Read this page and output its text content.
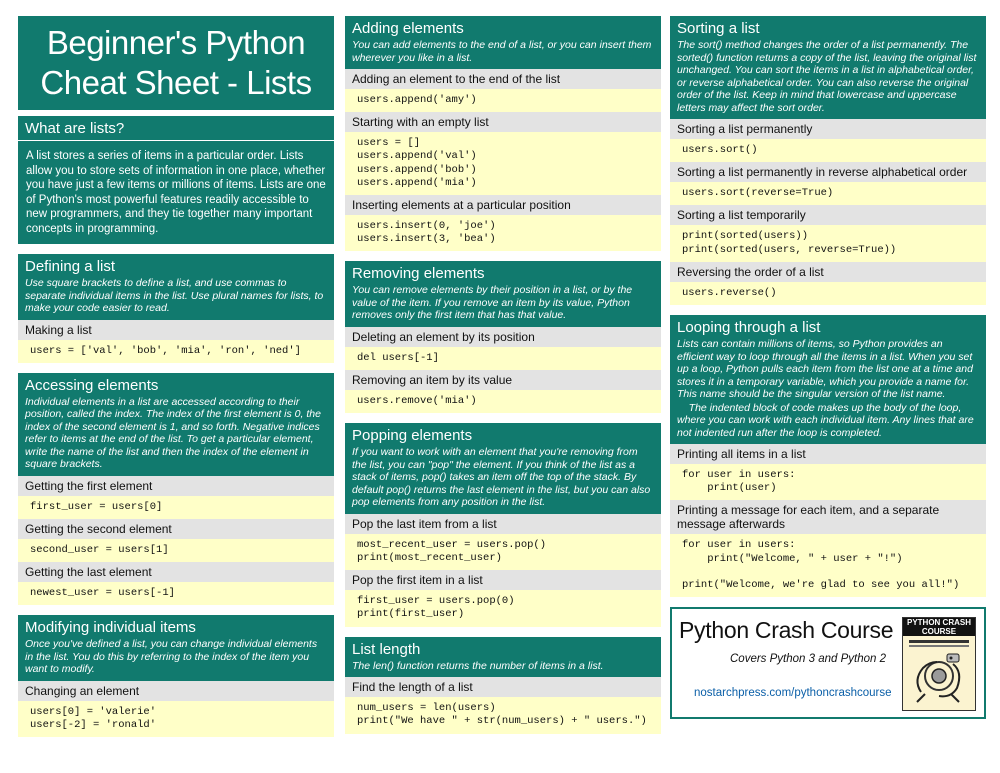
Beginner's Python
Cheat Sheet - Lists
What are lists?
A list stores a series of items in a particular order. Lists allow you to store sets of information in one place, whether you have just a few items or millions of items. Lists are one of Python's most powerful features readily accessible to new programmers, and they tie together many important concepts in programming.
Defining a list
Use square brackets to define a list, and use commas to separate individual items in the list. Use plural names for lists, to make your code easier to read.
Making a list
users = ['val', 'bob', 'mia', 'ron', 'ned']
Accessing elements
Individual elements in a list are accessed according to their position, called the index. The index of the first element is 0, the index of the second element is 1, and so forth. Negative indices refer to items at the end of the list. To get a particular element, write the name of the list and then the index of the element in square brackets.
Getting the first element
first_user = users[0]
Getting the second element
second_user = users[1]
Getting the last element
newest_user = users[-1]
Modifying individual items
Once you've defined a list, you can change individual elements in the list. You do this by referring to the index of the item you want to modify.
Changing an element
users[0] = 'valerie'
users[-2] = 'ronald'
Adding elements
You can add elements to the end of a list, or you can insert them wherever you like in a list.
Adding an element to the end of the list
users.append('amy')
Starting with an empty list
users = []
users.append('val')
users.append('bob')
users.append('mia')
Inserting elements at a particular position
users.insert(0, 'joe')
users.insert(3, 'bea')
Removing elements
You can remove elements by their position in a list, or by the value of the item. If you remove an item by its value, Python removes only the first item that has that value.
Deleting an element by its position
del users[-1]
Removing an item by its value
users.remove('mia')
Popping elements
If you want to work with an element that you're removing from the list, you can "pop" the element. If you think of the list as a stack of items, pop() takes an item off the top of the stack. By default pop() returns the last element in the list, but you can also pop elements from any position in the list.
Pop the last item from a list
most_recent_user = users.pop()
print(most_recent_user)
Pop the first item in a list
first_user = users.pop(0)
print(first_user)
List length
The len() function returns the number of items in a list.
Find the length of a list
num_users = len(users)
print("We have " + str(num_users) + " users.")
Sorting a list
The sort() method changes the order of a list permanently. The sorted() function returns a copy of the list, leaving the original list unchanged. You can sort the items in a list in alphabetical order, or reverse alphabetical order. You can also reverse the original order of the list. Keep in mind that lowercase and uppercase letters may affect the sort order.
Sorting a list permanently
users.sort()
Sorting a list permanently in reverse alphabetical order
users.sort(reverse=True)
Sorting a list temporarily
print(sorted(users))
print(sorted(users, reverse=True))
Reversing the order of a list
users.reverse()
Looping through a list
Lists can contain millions of items, so Python provides an efficient way to loop through all the items in a list. When you set up a loop, Python pulls each item from the list one at a time and stores it in a temporary variable, which you provide a name for. This name should be the singular version of the list name.
The indented block of code makes up the body of the loop, where you can work with each individual item. Any lines that are not indented run after the loop is completed.
Printing all items in a list
for user in users:
print(user)
Printing a message for each item, and a separate message afterwards
for user in users:
print("Welcome, " + user + "!")

print("Welcome, we're glad to see you all!")
Python Crash Course
Covers Python 3 and Python 2
nostarchpress.com/pythoncrashcourse
PYTHON CRASH COURSE
